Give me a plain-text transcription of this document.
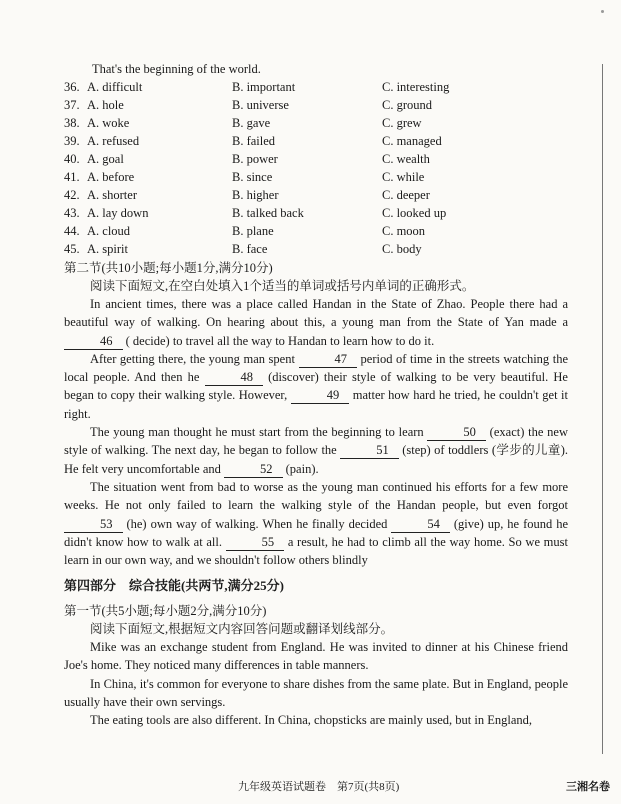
That's the beginning of the world.
36. A. difficult	B. important	C. interesting
37. A. hole	B. universe	C. ground
38. A. woke	B. gave	C. grew
39. A. refused	B. failed	C. managed
40. A. goal	B. power	C. wealth
41. A. before	B. since	C. while
42. A. shorter	B. higher	C. deeper
43. A. lay down	B. talked back	C. looked up
44. A. cloud	B. plane	C. moon
45. A. spirit	B. face	C. body
第二节(共10小题;每小题1分,满分10分)
阅读下面短文,在空白处填入1个适当的单词或括号内单词的正确形式。

In ancient times, there was a place called Handan in the State of Zhao. People there had a beautiful way of walking. On hearing about this, a young man from the State of Yan made a 46 ( decide) to travel all the way to Handan to learn how to do it.

After getting there, the young man spent	47 period of time in the streets watching the local people. And then he	48 (discover) their style of walking to be very beautiful. He began to copy their walking style. However,	49 matter how hard he tried, he couldn't get it right.

The young man thought he must start from the beginning to learn	50 (exact) the new style of walking. The next day, he began to follow the	51 (step) of toddlers (学步的儿童). He felt very uncomfortable and	52 (pain).

The situation went from bad to worse as the young man continued his efforts for a few more weeks. He not only failed to learn the walking style of the Handan people, but even forgot 53 (he) own way of walking. When he finally decided	54 (give) up, he found he didn't know how to walk at all.	55 a result, he had to climb all the way home. So we must learn in our own way, and we shouldn't follow others blindly

第四部分　综合技能(共两节,满分25分)
第一节(共5小题;每小题2分,满分10分)
阅读下面短文,根据短文内容回答问题或翻译划线部分。

Mike was an exchange student from England. He was invited to dinner at his Chinese friend Joe's home. They noticed many differences in table manners.

In China, it's common for everyone to share dishes from the same plate. But in England, people usually have their own servings.

The eating tools are also different. In China, chopsticks are mainly used, but in England,

九年级英语试题卷　第7页(共8页)	三湘名卷
